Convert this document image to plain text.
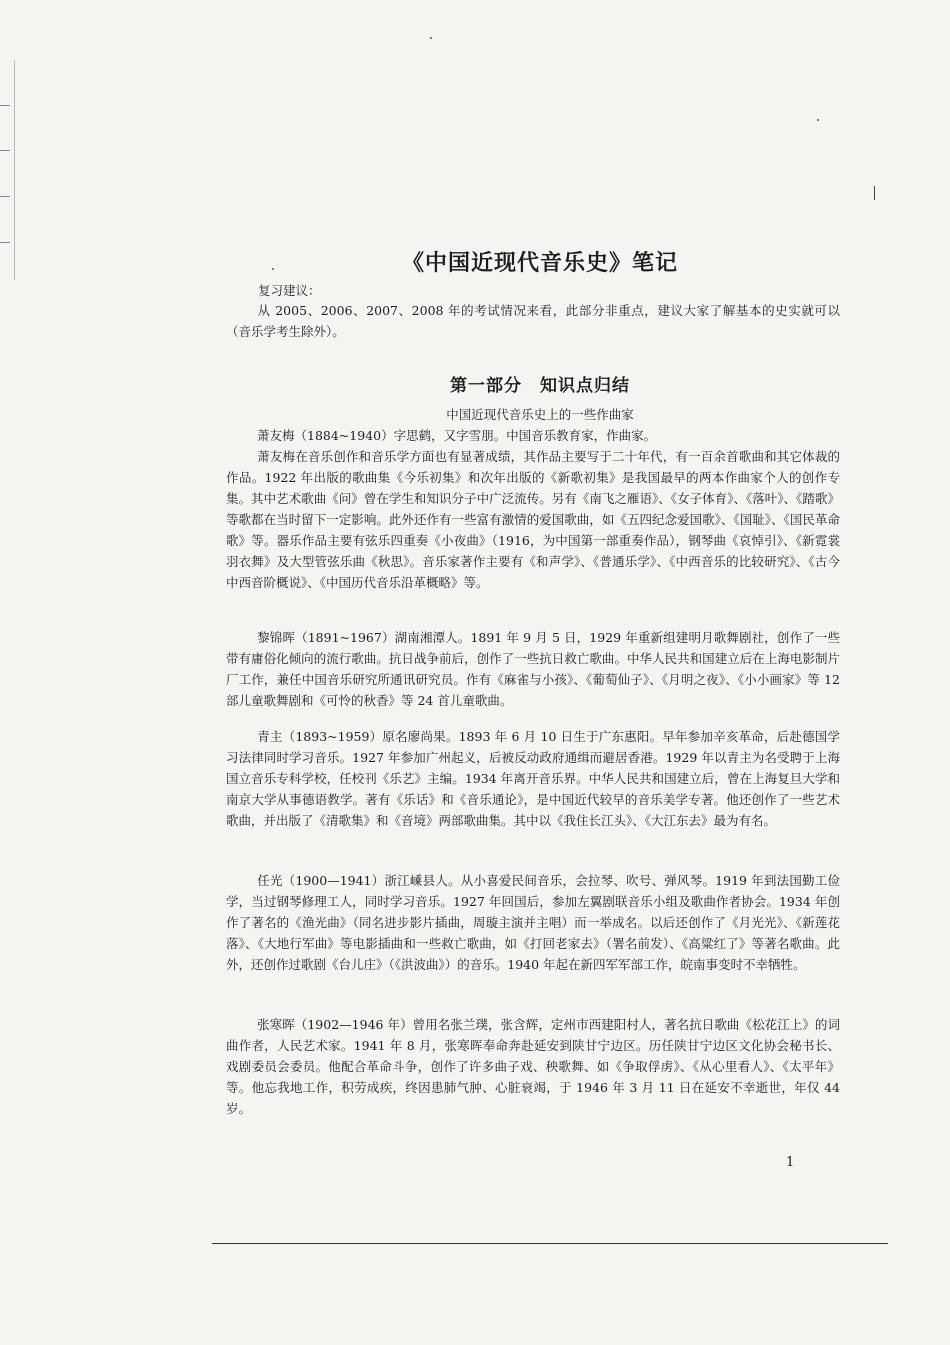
《中国近现代音乐史》笔记
复习建议：
从 2005、2006、2007、2008 年的考试情况来看，此部分非重点，建议大家了解基本的史实就可以（音乐学考生除外）。
第一部分　知识点归结
中国近现代音乐史上的一些作曲家
萧友梅（1884~1940）字思鹤，又字雪朋。中国音乐教育家，作曲家。
萧友梅在音乐创作和音乐学方面也有显著成绩，其作品主要写于二十年代，有一百余首歌曲和其它体裁的作品。1922 年出版的歌曲集《今乐初集》和次年出版的《新歌初集》是我国最早的两本作曲家个人的创作专集。其中艺术歌曲《问》曾在学生和知识分子中广泛流传。另有《南飞之雁语》、《女子体育》、《落叶》、《踏歌》等歌都在当时留下一定影响。此外还作有一些富有激情的爱国歌曲，如《五四纪念爱国歌》、《国耻》、《国民革命歌》等。器乐作品主要有弦乐四重奏《小夜曲》（1916，为中国第一部重奏作品），钢琴曲《哀悼引》、《新霓裳羽衣舞》及大型管弦乐曲《秋思》。音乐家著作主要有《和声学》、《普通乐学》、《中西音乐的比较研究》、《古今中西音阶概说》、《中国历代音乐沿革概略》等。
黎锦晖（1891~1967）湖南湘潭人。1891 年 9 月 5 日，1929 年重新组建明月歌舞剧社，创作了一些带有庸俗化倾向的流行歌曲。抗日战争前后，创作了一些抗日救亡歌曲。中华人民共和国建立后在上海电影制片厂工作，兼任中国音乐研究所通讯研究员。作有《麻雀与小孩》、《葡萄仙子》、《月明之夜》、《小小画家》等 12 部儿童歌舞剧和《可怜的秋香》等 24 首儿童歌曲。
青主（1893~1959）原名廖尚果。1893 年 6 月 10 日生于广东惠阳。早年参加辛亥革命，后赴德国学习法律同时学习音乐。1927 年参加广州起义，后被反动政府通缉而避居香港。1929 年以青主为名受聘于上海国立音乐专科学校，任校刊《乐艺》主编。1934 年离开音乐界。中华人民共和国建立后，曾在上海复旦大学和南京大学从事德语教学。著有《乐话》和《音乐通论》，是中国近代较早的音乐美学专著。他还创作了一些艺术歌曲，并出版了《清歌集》和《音境》两部歌曲集。其中以《我住长江头》、《大江东去》最为有名。
任光（1900—1941）浙江嵊县人。从小喜爱民间音乐，会拉琴、吹号、弹风琴。1919 年到法国勤工俭学，当过钢琴修理工人，同时学习音乐。1927 年回国后，参加左翼剧联音乐小组及歌曲作者协会。1934 年创作了著名的《渔光曲》（同名进步影片插曲，周璇主演并主唱）而一举成名。以后还创作了《月光光》、《新莲花落》、《大地行军曲》等电影插曲和一些救亡歌曲，如《打回老家去》（署名前发）、《高粱红了》等著名歌曲。此外，还创作过歌剧《台儿庄》（《洪波曲》）的音乐。1940 年起在新四军军部工作，皖南事变时不幸牺牲。
张寒晖（1902—1946 年）曾用名张兰璞，张含辉，定州市西建阳村人，著名抗日歌曲《松花江上》的词曲作者，人民艺术家。1941 年 8 月，张寒晖奉命奔赴延安到陕甘宁边区。历任陕甘宁边区文化协会秘书长、戏剧委员会委员。他配合革命斗争，创作了许多曲子戏、秧歌舞、如《争取俘虏》、《从心里看人》、《太平年》等。他忘我地工作，积劳成疾，终因患肺气肿、心脏衰竭，于 1946 年 3 月 11 日在延安不幸逝世，年仅 44 岁。
1
